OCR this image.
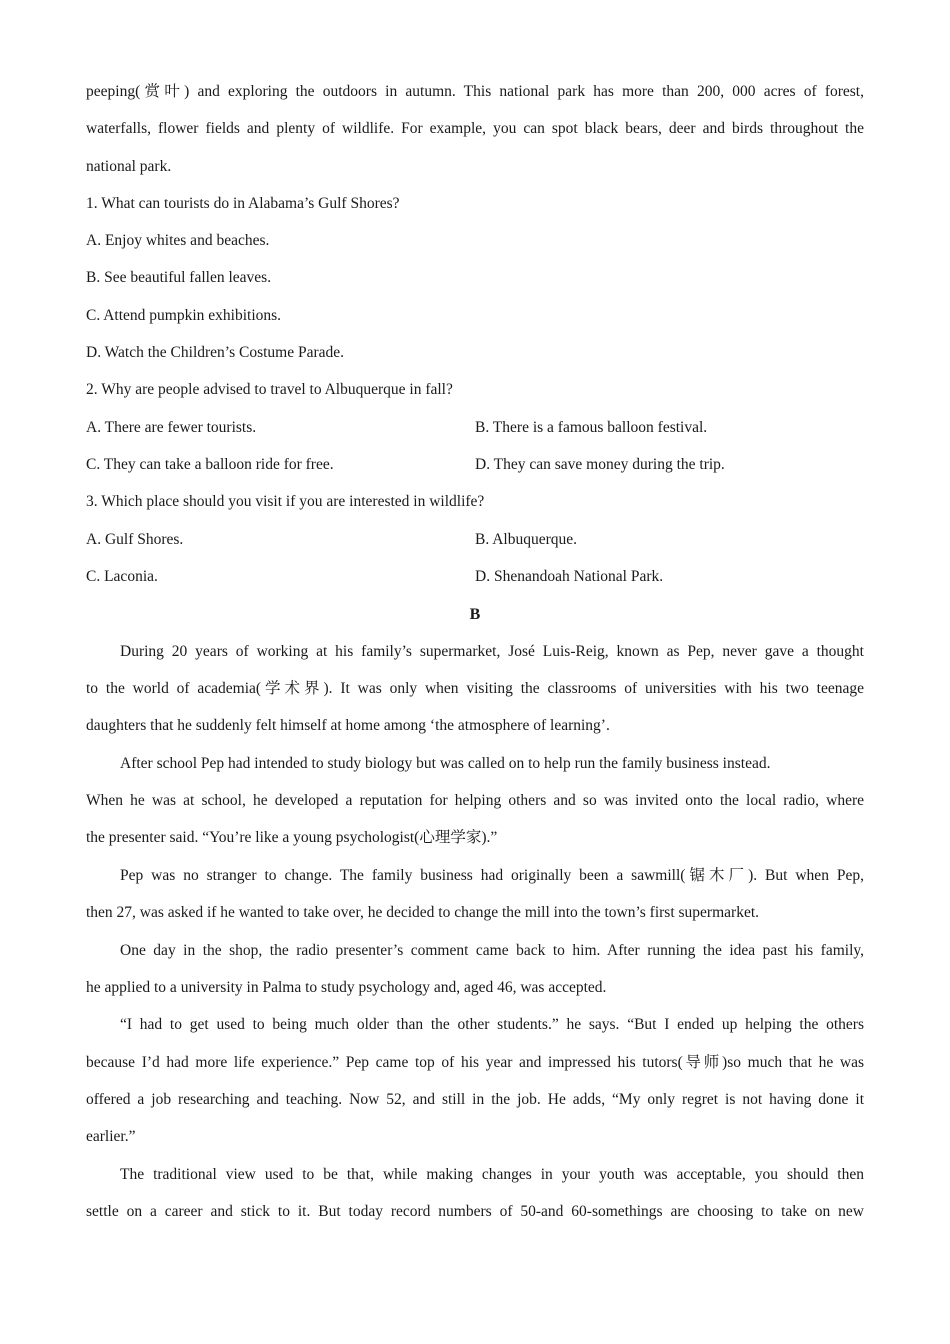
peeping(赏叶) and exploring the outdoors in autumn. This national park has more than 200, 000 acres of forest,
waterfalls, flower fields and plenty of wildlife. For example, you can spot black bears, deer and birds throughout the
national park.
1. What can tourists do in Alabama’s Gulf Shores?
A. Enjoy whites and beaches.
B. See beautiful fallen leaves.
C. Attend pumpkin exhibitions.
D. Watch the Children’s Costume Parade.
2. Why are people advised to travel to Albuquerque in fall?
A. There are fewer tourists.	B. There is a famous balloon festival.
C. They can take a balloon ride for free.	D. They can save money during the trip.
3. Which place should you visit if you are interested in wildlife?
A. Gulf Shores.	B. Albuquerque.
C. Laconia.	D. Shenandoah National Park.
B
During 20 years of working at his family’s supermarket, José Luis-Reig, known as Pep, never gave a thought
to the world of academia(学术界). It was only when visiting the classrooms of universities with his two teenage
daughters that he suddenly felt himself at home among ‘the atmosphere of learning’.
After school Pep had intended to study biology but was called on to help run the family business instead.
When he was at school, he developed a reputation for helping others and so was invited onto the local radio, where
the presenter said. “You’re like a young psychologist(心理学家).”
Pep was no stranger to change. The family business had originally been a sawmill(锯木厂). But when Pep,
then 27, was asked if he wanted to take over, he decided to change the mill into the town’s first supermarket.
One day in the shop, the radio presenter’s comment came back to him. After running the idea past his family,
he applied to a university in Palma to study psychology and, aged 46, was accepted.
“I had to get used to being much older than the other students.” he says. “But I ended up helping the others
because I’d had more life experience.” Pep came top of his year and impressed his tutors(导师)so much that he was
offered a job researching and teaching. Now 52, and still in the job. He adds, “My only regret is not having done it
earlier.”
The traditional view used to be that, while making changes in your youth was acceptable, you should then
settle on a career and stick to it. But today record numbers of 50-and 60-somethings are choosing to take on new
